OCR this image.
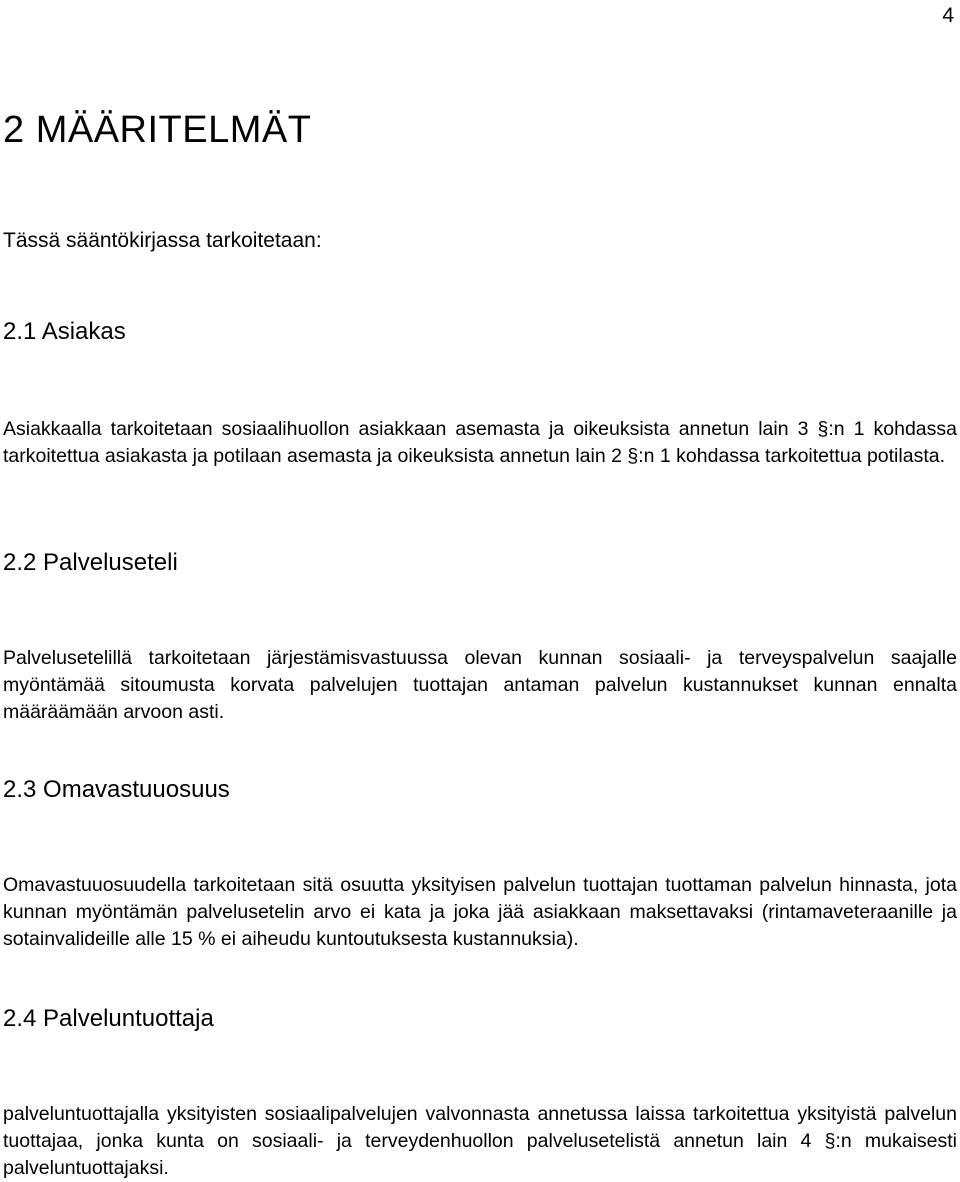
4
2 MÄÄRITELMÄT

Tässä sääntökirjassa tarkoitetaan:

2.1 Asiakas

Asiakkaalla tarkoitetaan sosiaalihuollon asiakkaan asemasta ja oikeuksista annetun lain 3 §:n 1 kohdassa tarkoitettua asiakasta ja potilaan asemasta ja oikeuksista annetun lain 2 §:n 1 kohdassa tarkoitettua potilasta.

2.2 Palveluseteli

Palvelusetelillä tarkoitetaan järjestämisvastuussa olevan kunnan sosiaali- ja terveyspalvelun saajalle myöntämää sitoumusta korvata palvelujen tuottajan antaman palvelun kustannukset kunnan ennalta määräämään arvoon asti.

2.3 Omavastuuosuus

Omavastuuosuudella tarkoitetaan sitä osuutta yksityisen palvelun tuottajan tuottaman palvelun hinnasta, jota kunnan myöntämän palvelusetelin arvo ei kata ja joka jää asiakkaan maksettavaksi (rintamaveteraanille ja sotainvalideille alle 15 % ei aiheudu kuntoutuksesta kustannuksia).

2.4 Palveluntuottaja

palveluntuottajalla yksityisten sosiaalipalvelujen valvonnasta annetussa laissa tarkoitettua yksityistä palvelun tuottajaa, jonka kunta on sosiaali- ja terveydenhuollon palvelusetelistä annetun lain 4 §:n mukaisesti palveluntuottajaksi.
